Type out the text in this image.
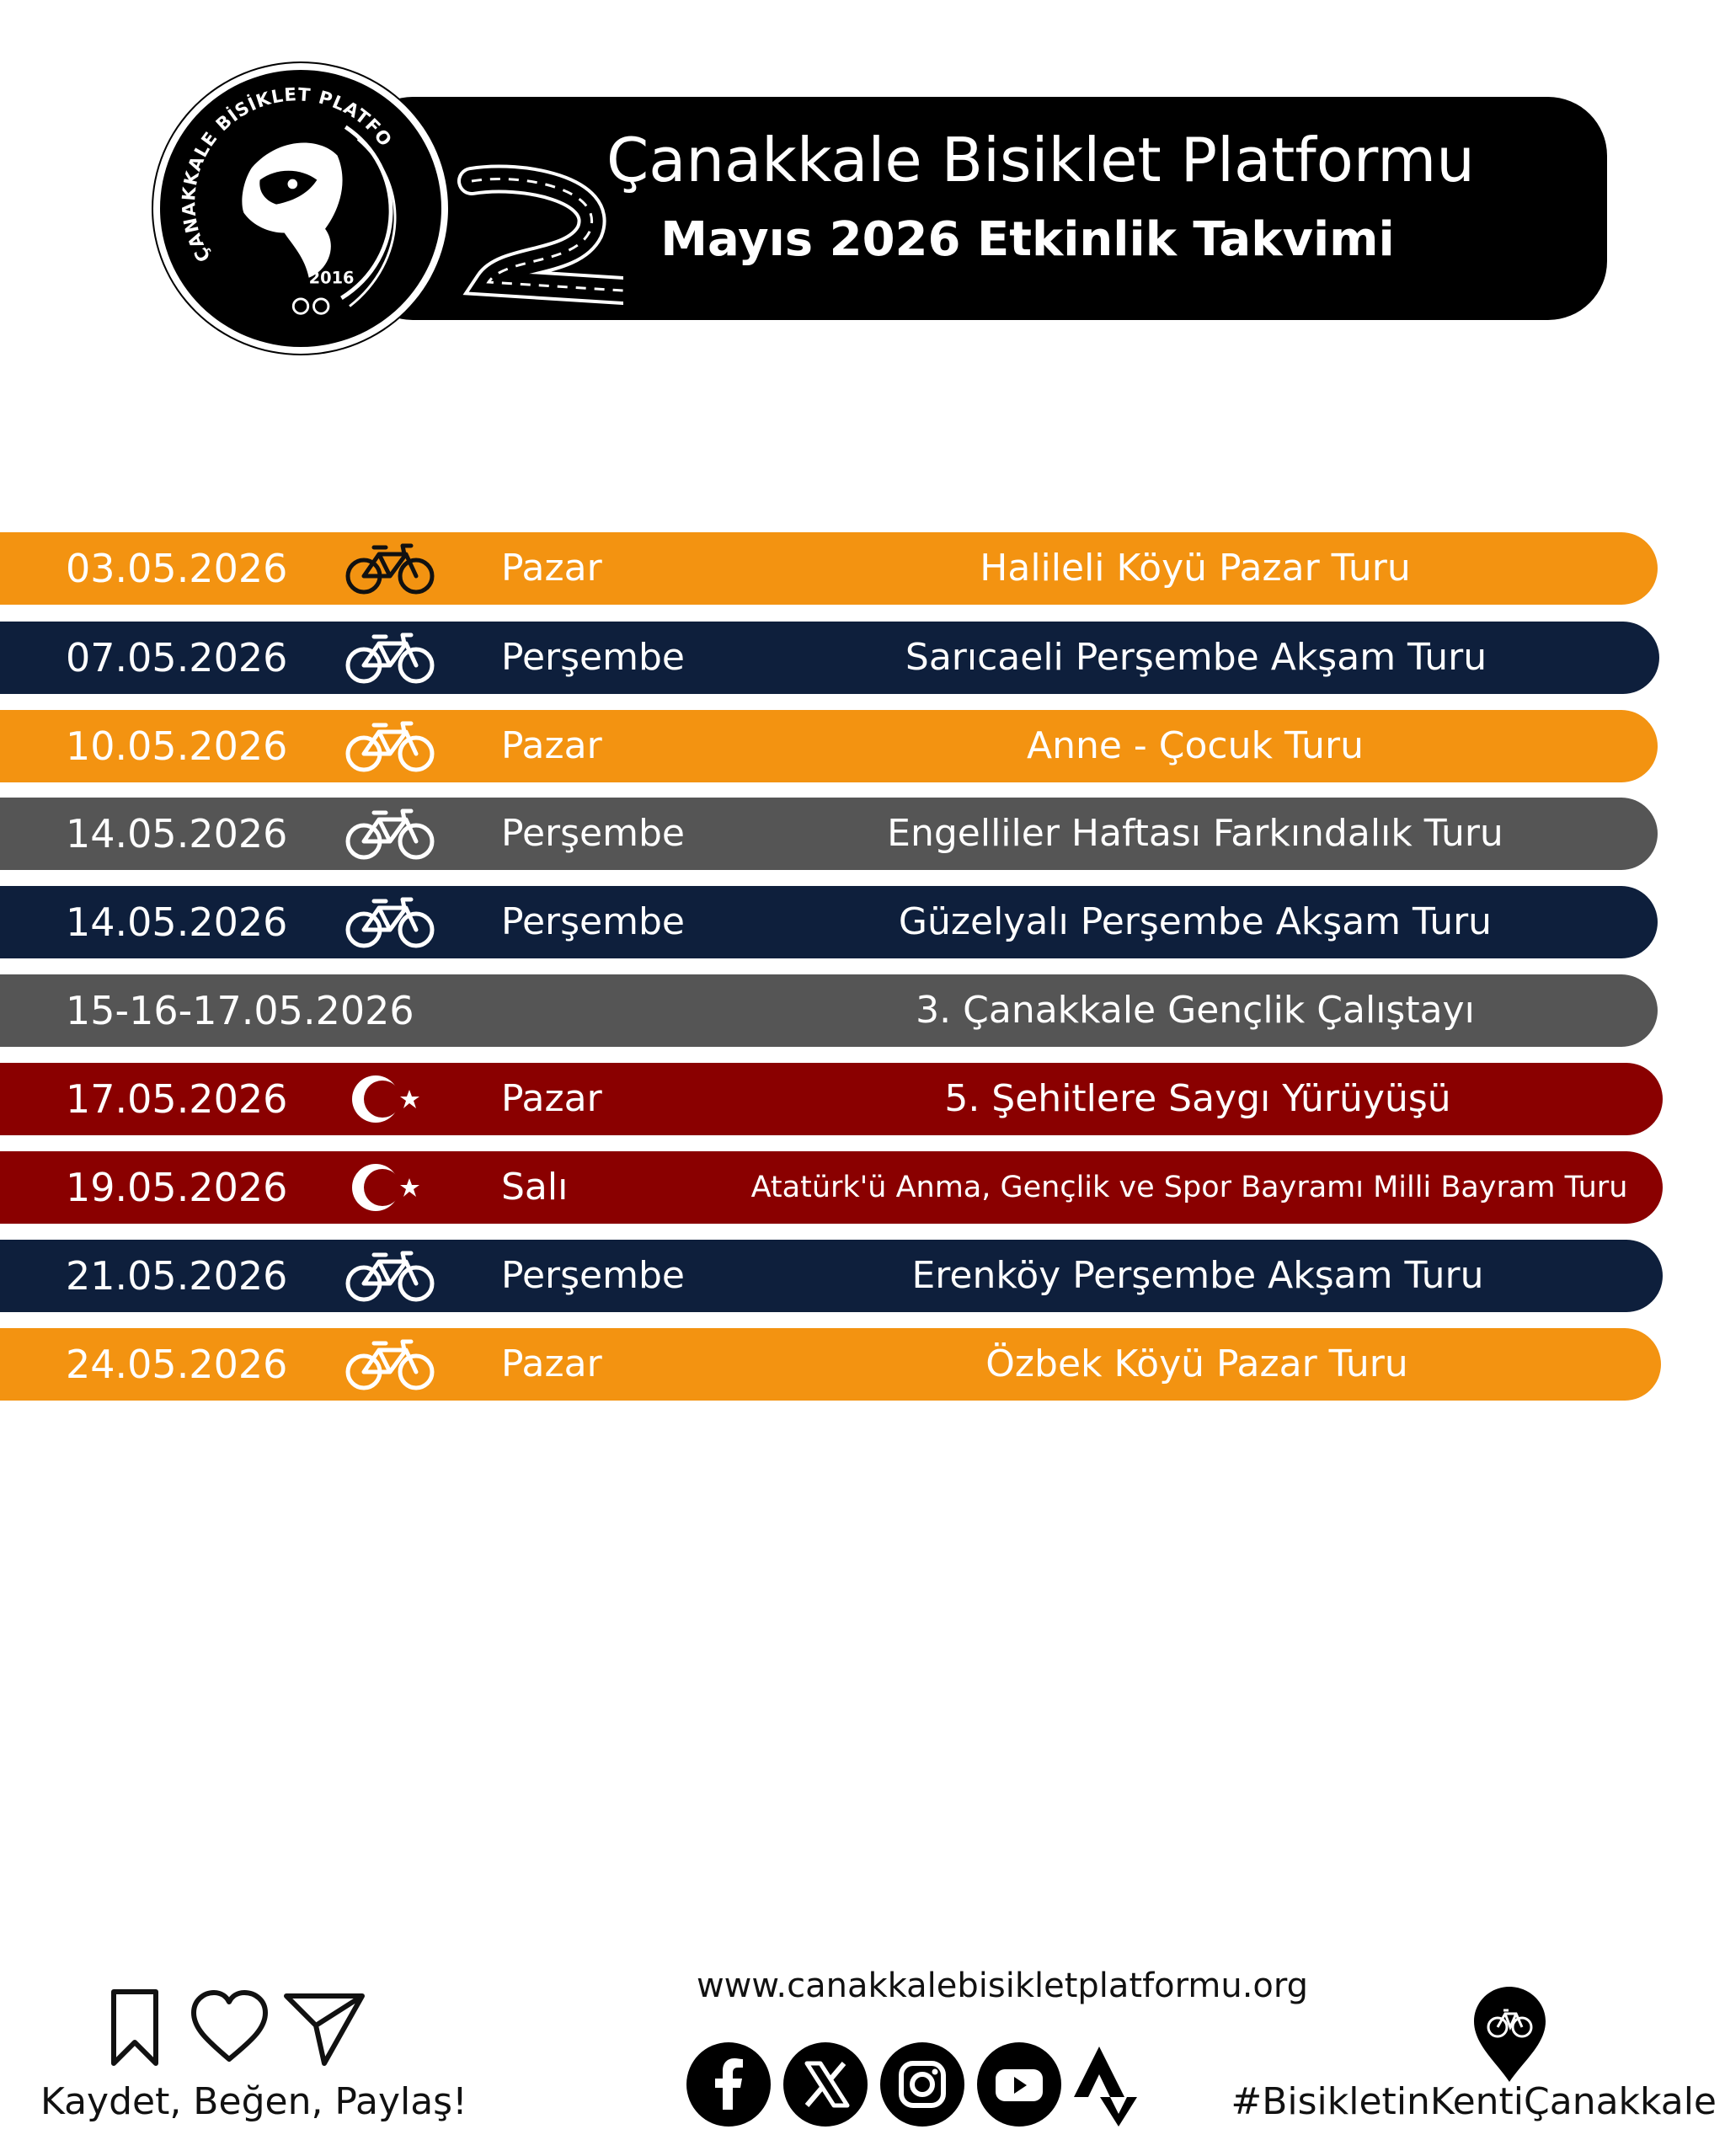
ÇANAKKALE BİSİKLET PLATFO
2016
Çanakkale Bisiklet Platformu
Mayıs 2026 Etkinlik Takvimi
03.05.2026	Pazar	Halileli Köyü Pazar Turu
07.05.2026	Perşembe	Sarıcaeli Perşembe Akşam Turu
10.05.2026	Pazar	Anne - Çocuk Turu
14.05.2026	Perşembe	Engelliler Haftası Farkındalık Turu
14.05.2026	Perşembe	Güzelyalı Perşembe Akşam Turu
15-16-17.05.2026	3. Çanakkale Gençlik Çalıştayı
17.05.2026	Pazar	5. Şehitlere Saygı Yürüyüşü
19.05.2026	Salı	Atatürk'ü Anma, Gençlik ve Spor Bayramı Milli Bayram Turu
21.05.2026	Perşembe	Erenköy Perşembe Akşam Turu
24.05.2026	Pazar	Özbek Köyü Pazar Turu
Kaydet, Beğen, Paylaş!
www.canakkalebisikletplatformu.org
#BisikletinKentiÇanakkale
